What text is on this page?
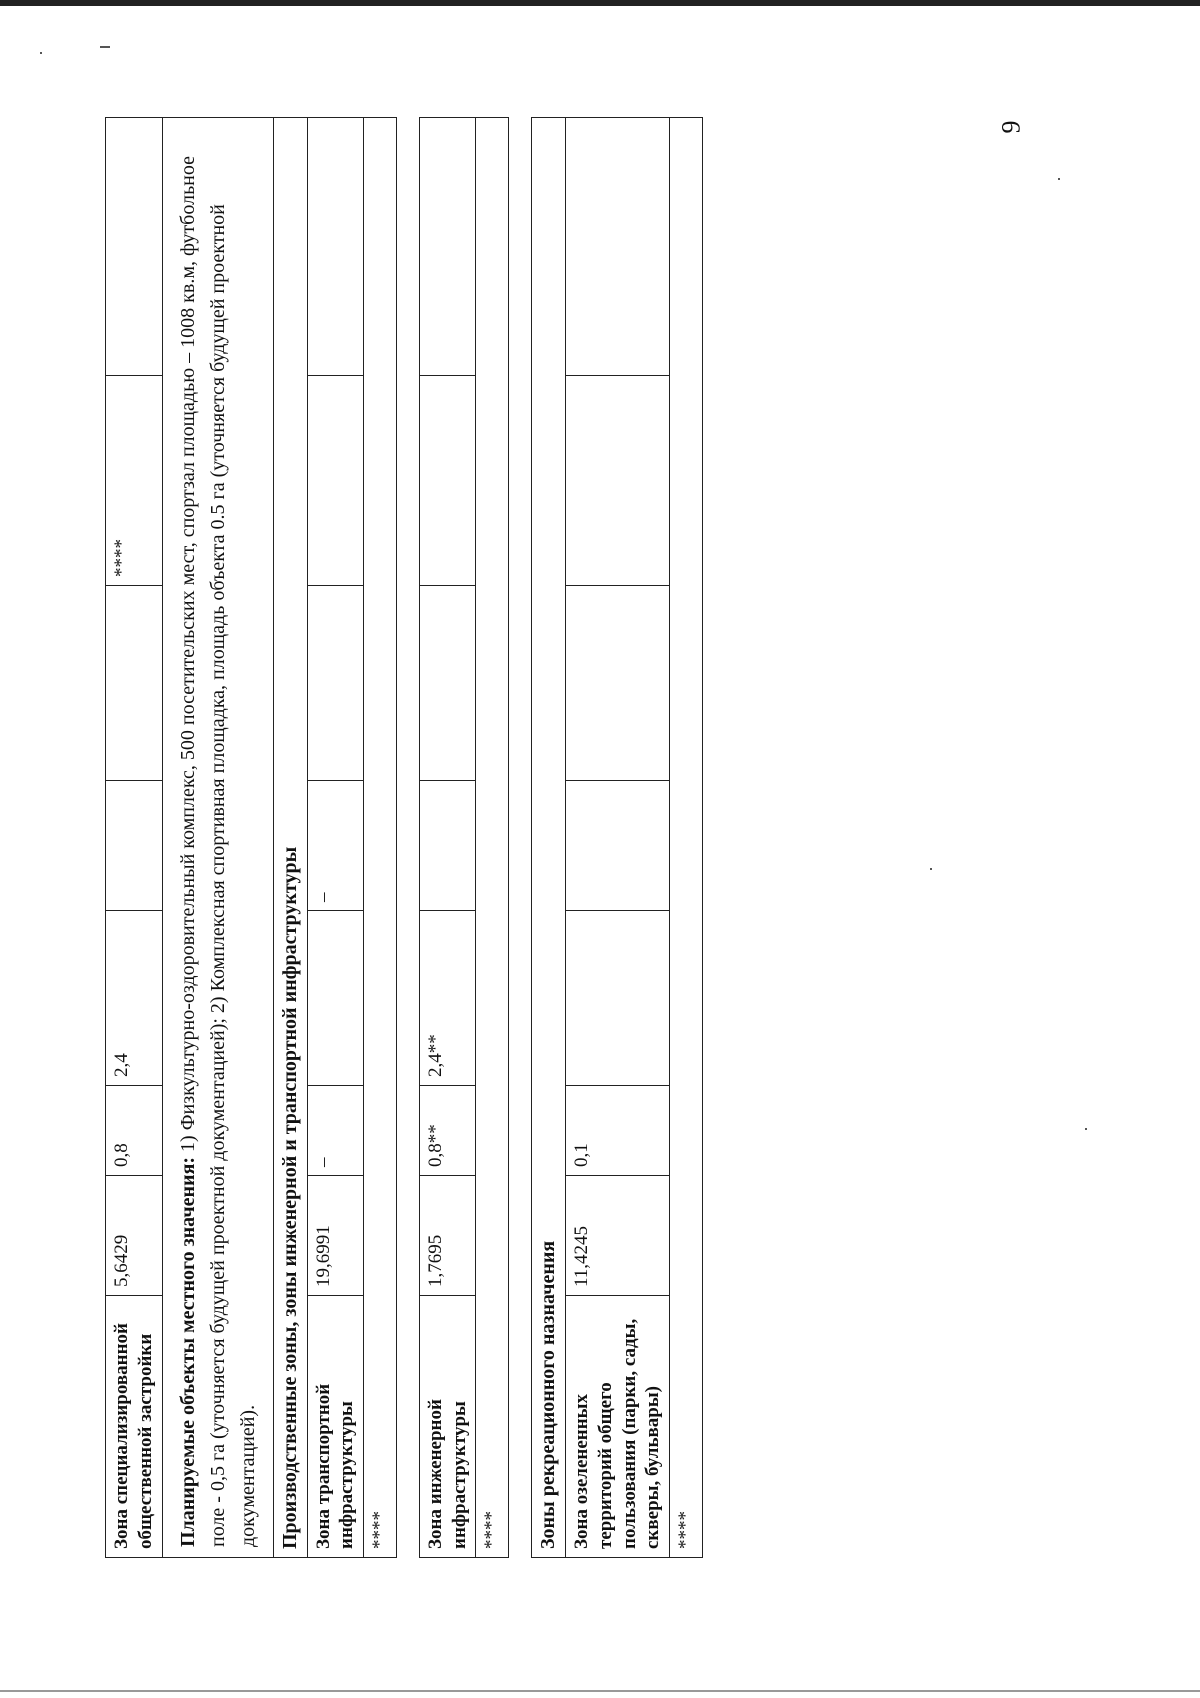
9
Зона специализированной общественной застройки	5,6429	0,8	2,4			****	
Планируемые объекты местного значения: 1) Физкультурно-оздоровительный комплекс, 500 посетительских мест, спортзал площадью – 1008 кв.м, футбольное поле - 0,5 га (уточняется будущей проектной документацией); 2) Комплексная спортивная площадка, площадь объекта 0.5 га (уточняется будущей проектной документацией).							
Производственные зоны, зоны инженерной и транспортной инфраструктуры							
Зона транспортной инфраструктуры	19,6991	–		–			
****							

Зона инженерной инфраструктуры	1,7695	0,8**	2,4**				
****							

Зоны рекреационного назначения							
Зона озелененных территорий общего пользования (парки, сады, скверы, бульвары)	11,4245	0,1					
****							
